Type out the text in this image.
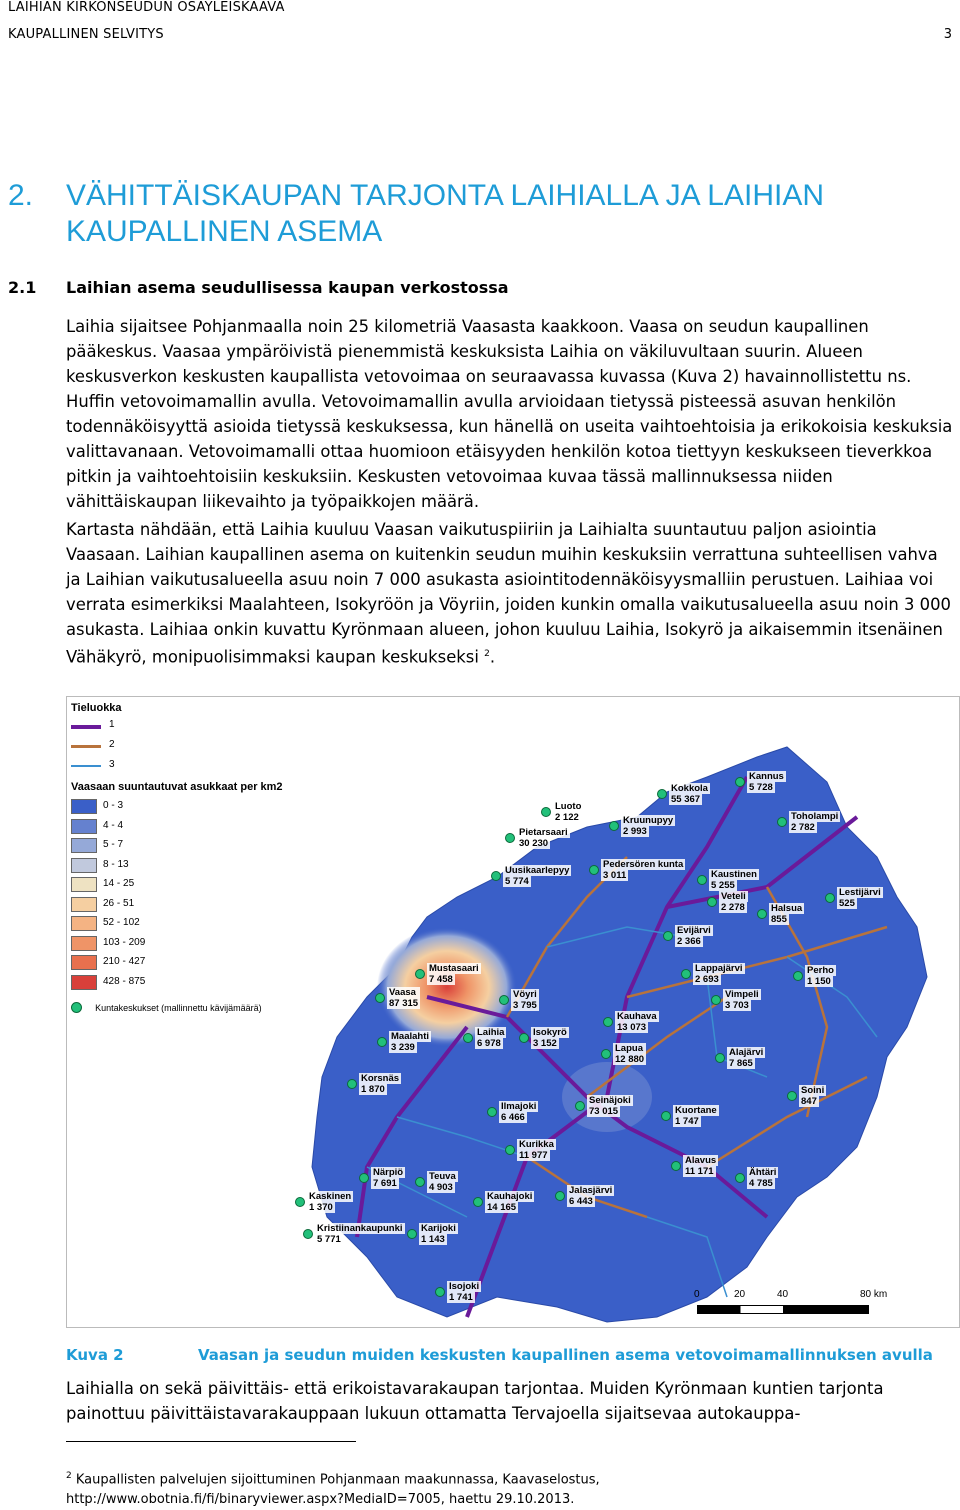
LAIHIAN KIRKONSEUDUN OSAYLEISKAAVA
KAUPALLINEN SELVITYS	3
2. VÄHITTÄISKAUPAN TARJONTA LAIHIALLA JA LAIHIAN
KAUPALLINEN ASEMA
2.1 Laihian asema seudullisessa kaupan verkostossa

Laihia sijaitsee Pohjanmaalla noin 25 kilometriä Vaasasta kaakkoon. Vaasa on seudun kaupallinen pääkeskus. Vaasaa ympäröivistä pienemmistä keskuksista Laihia on väkiluvultaan suurin. Alueen keskusverkon keskusten kaupallista vetovoimaa on seuraavassa kuvassa (Kuva 2) havainnollistettu ns. Huffin vetovoimamallin avulla. Vetovoimamallin avulla arvioidaan tietyssä pisteessä asuvan henkilön todennäköisyyttä asioida tietyssä keskuksessa, kun hänellä on useita vaihtoehtoisia ja erikokoisia keskuksia valittavanaan. Vetovoimamalli ottaa huomioon etäisyyden henkilön kotoa tiettyyn keskukseen tieverkkoa pitkin ja vaihtoehtoisiin keskuksiin. Keskusten vetovoimaa kuvaa tässä mallinnuksessa niiden vähittäiskaupan liikevaihto ja työpaikkojen määrä.

Kartasta nähdään, että Laihia kuuluu Vaasan vaikutuspiiriin ja Laihialta suuntautuu paljon asiointia Vaasaan. Laihian kaupallinen asema on kuitenkin seudun muihin keskuksiin verrattuna suhteellisen vahva ja Laihian vaikutusalueella asuu noin 7 000 asukasta asiointitodennäköisyysmalliin perustuen. Laihiaa voi verrata esimerkiksi Maalahteen, Isokyröön ja Vöyriin, joiden kunkin omalla vaikutusalueella asuu noin 3 000 asukasta. Laihiaa onkin kuvattu Kyrönmaan alueen, johon kuuluu Laihia, Isokyrö ja aikaisemmin itsenäinen Vähäkyrö, monipuolisimmaksi kaupan keskukseksi $^2$.

Tieluokka
1
2
3
Vaasaan suuntautuvat asukkaat per km2
0 - 3
4 - 4
5 - 7
8 - 13
14 - 25
26 - 51
52 - 102
103 - 209
210 - 427
428 - 875
Kuntakeskukset (mallinnettu kävijämäärä)
Kannus
5 728
Kokkola
55 367
Luoto
2 122	Kruunupyy
2 993
Toholampi
2 782
Pietarsaari
30 230
Pedersören kunta
3 011
Uusikaarlepyy
5 774
Kaustinen
5 255
Veteli
2 278
Lestijärvi
525
Halsua
855
Evijärvi
2 366
Mustasaari
7 458
Vaasa
87 315
Vöyri
3 795
Lappajärvi
2 693
Vimpeli
3 703
Perho
1 150
Kauhava
13 073
Maalahti
3 239
Laihia
6 978
Isokyrö
3 152	Lapua
12 880
Alajärvi
7 865
Korsnäs
1 870
Seinäjoki
73 015
Soini
847
Ilmajoki
6 466
Kuortane
1 747
Kurikka
11 977	Alavus
11 171	Ähtäri
4 785
Närpiö
7 691
Teuva
4 903
Kaskinen
1 370
Jalasjärvi
6 443
Kauhajoki
14 165
Kristiinankaupunki
5 771
Karijoki
1 143
Isojoki
1 741	0	20	40	80 km
Kuva 2	Vaasan ja seudun muiden keskusten kaupallinen asema vetovoimamallinnuksen avulla

Laihialla on sekä päivittäis- että erikoistavarakaupan tarjontaa. Muiden Kyrönmaan kuntien tarjonta painottuu päivittäistavarakauppaan lukuun ottamatta Tervajoella sijaitsevaa autokauppa-

$^2$ Kaupallisten palvelujen sijoittuminen Pohjanmaan maakunnassa, Kaavaselostus,
http://www.obotnia.fi/fi/binaryviewer.aspx?MediaID=7005, haettu 29.10.2013.
